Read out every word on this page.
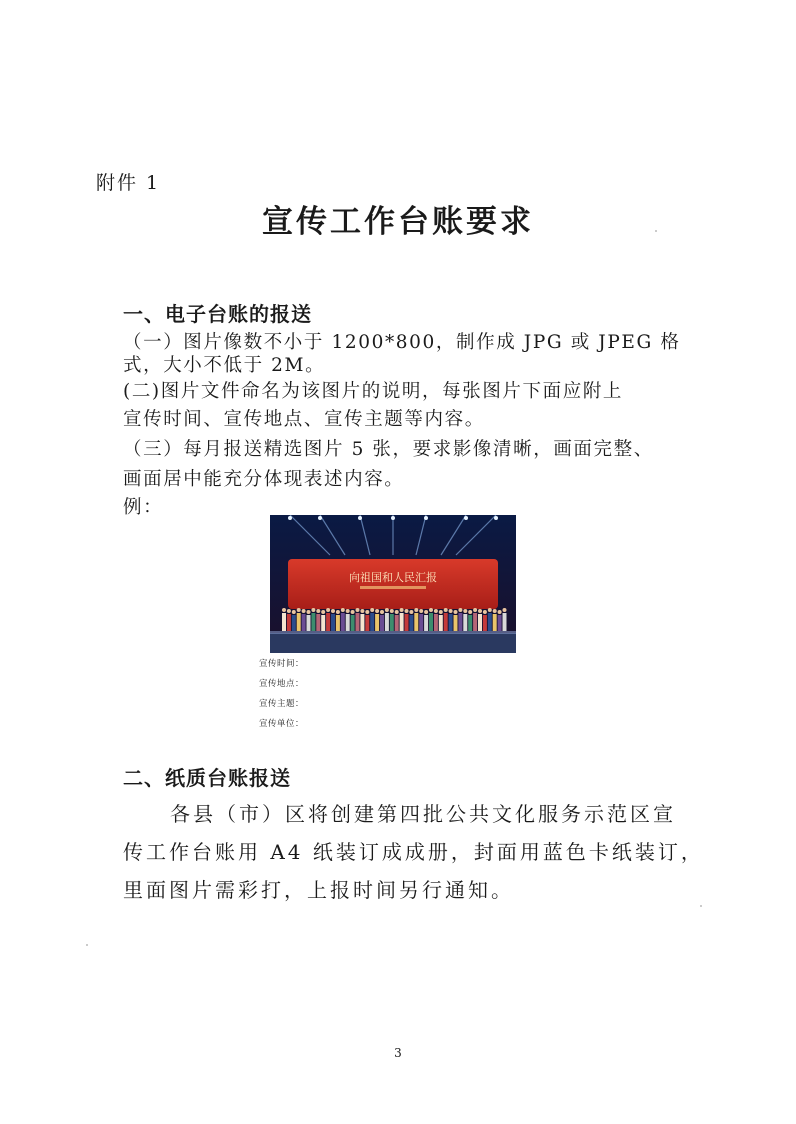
附件 1
宣传工作台账要求
一、电子台账的报送
（一）图片像数不小于 1200*800，制作成 JPG 或 JPEG 格
式，大小不低于 2M。
(二)图片文件命名为该图片的说明，每张图片下面应附上
宣传时间、宣传地点、宣传主题等内容。
（三）每月报送精选图片 5 张，要求影像清晰，画面完整、
画面居中能充分体现表述内容。
例：
向祖国和人民汇报
宣传时间：
宣传地点：
宣传主题：
宣传单位：
二、纸质台账报送
各县（市）区将创建第四批公共文化服务示范区宣
传工作台账用 A4 纸装订成成册，封面用蓝色卡纸装订，
里面图片需彩打，上报时间另行通知。
3
